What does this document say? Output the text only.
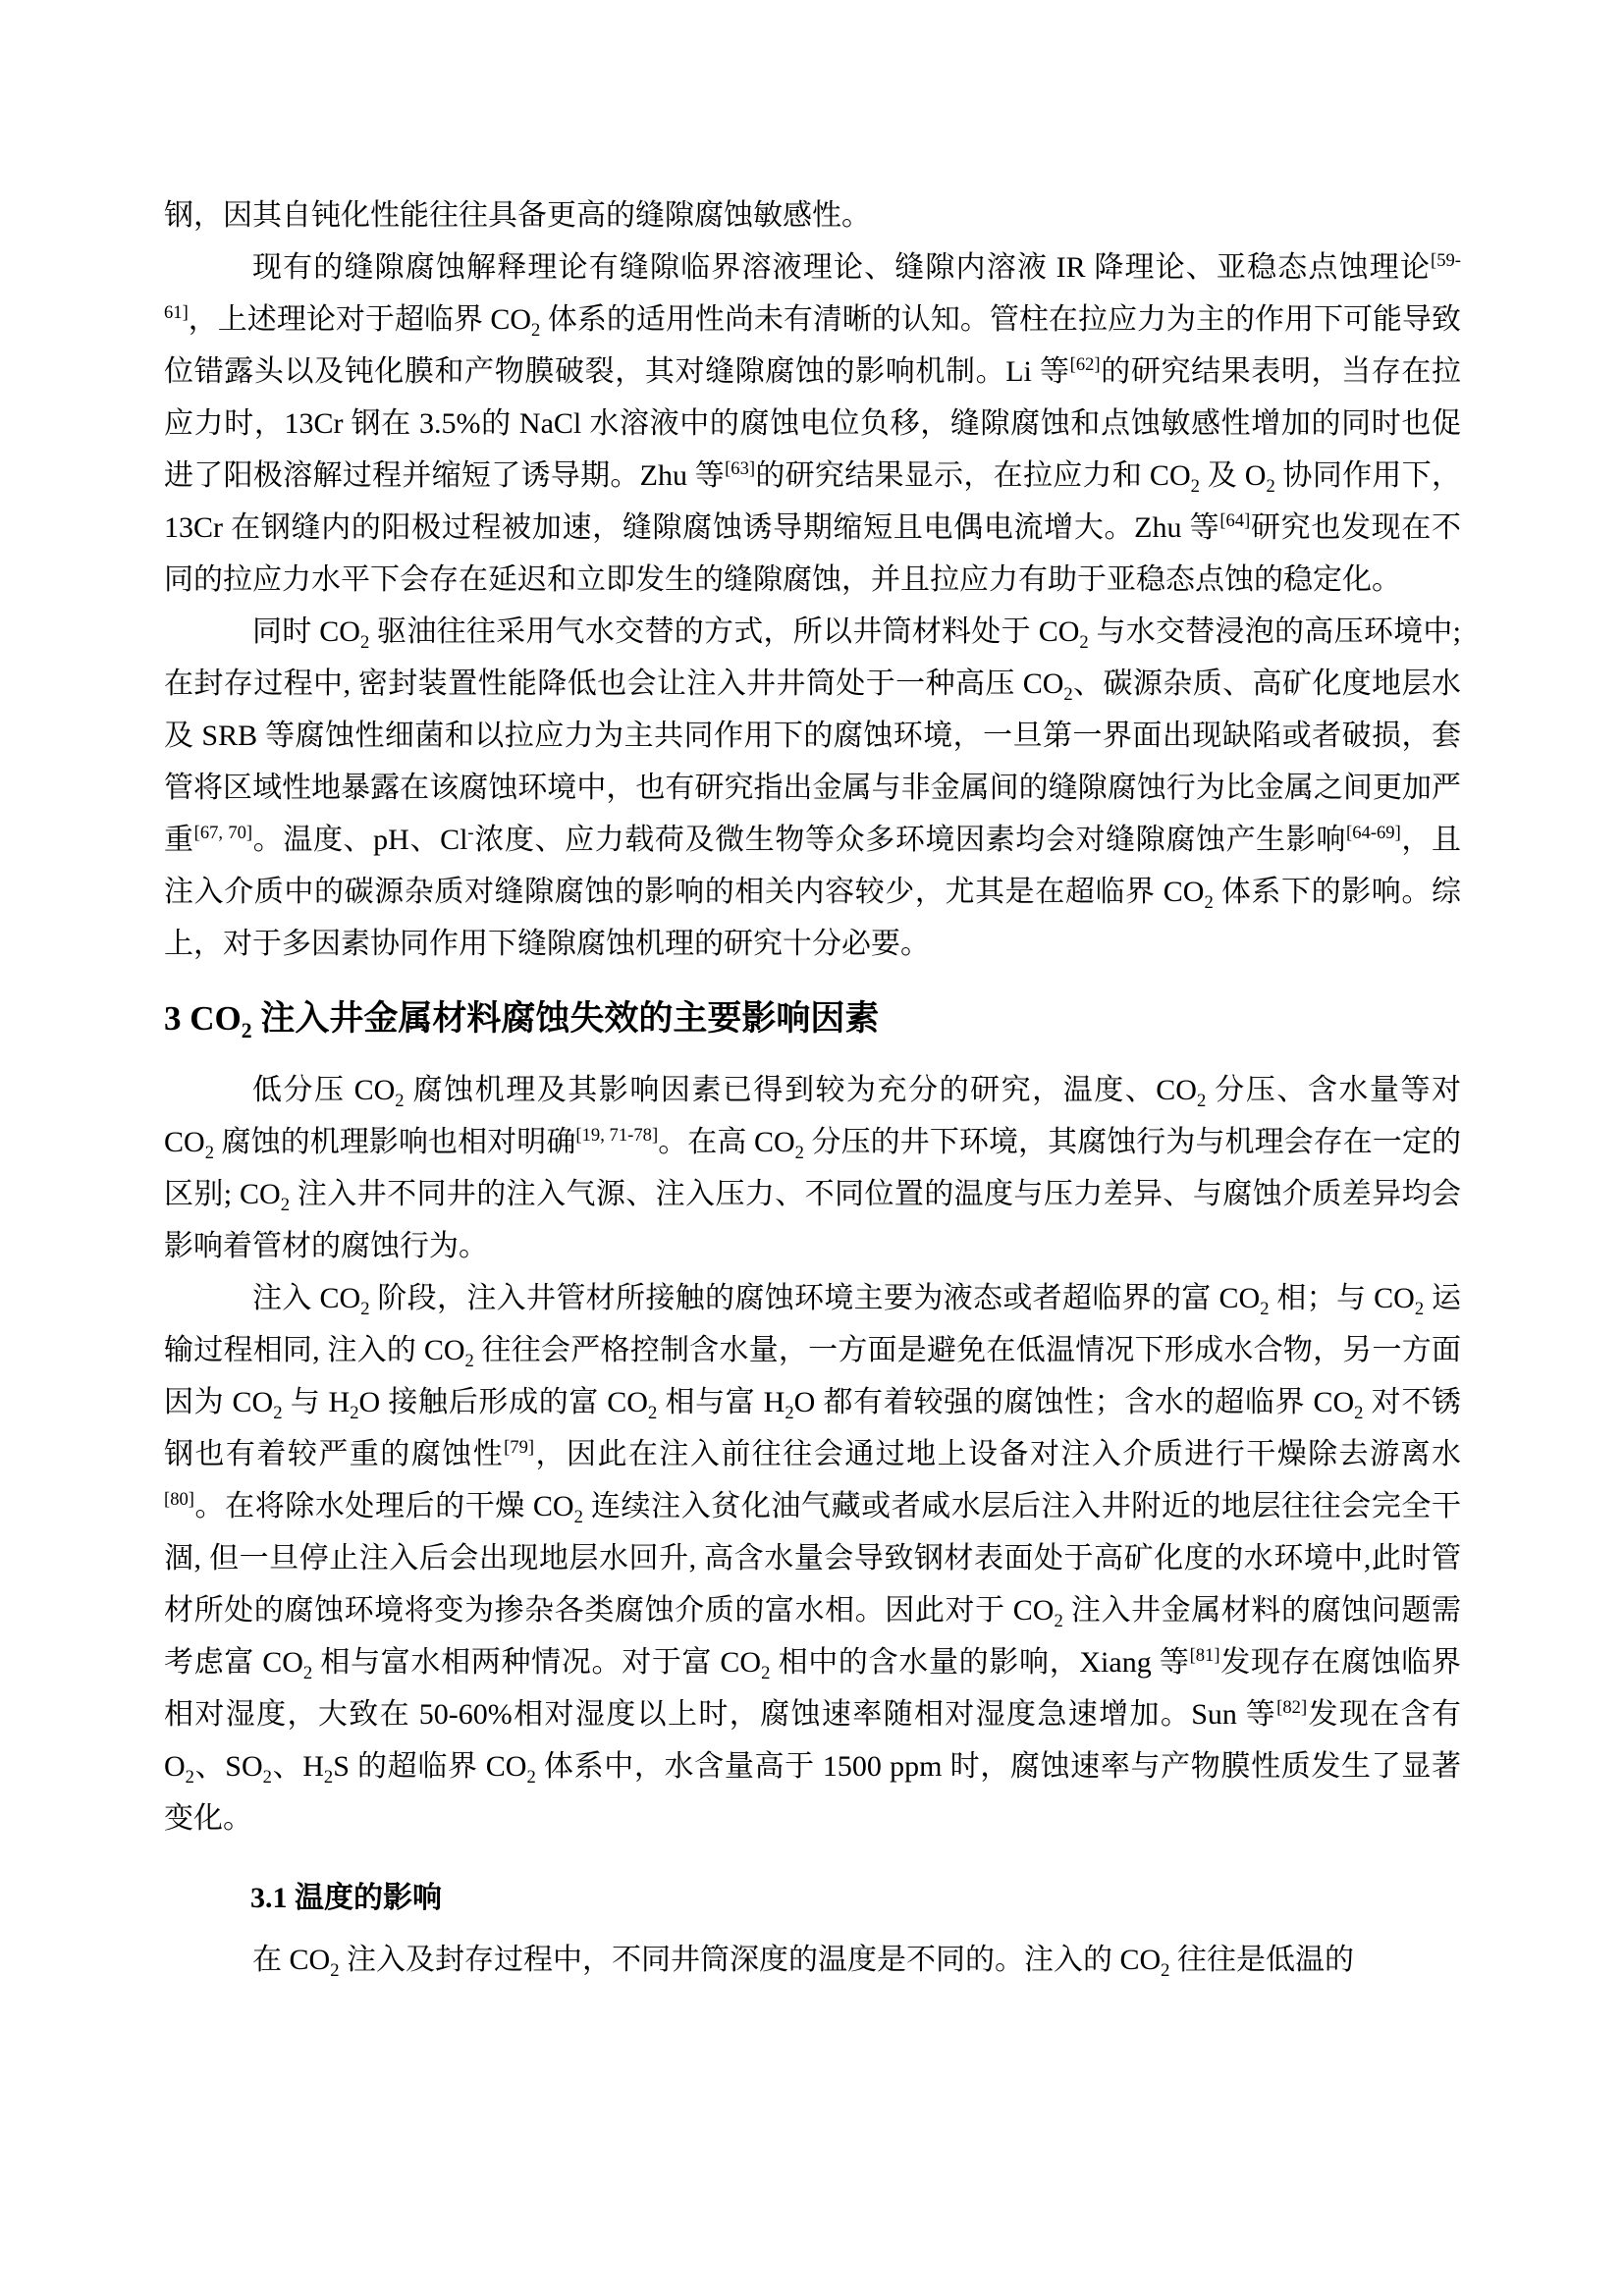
钢，因其自钝化性能往往具备更高的缝隙腐蚀敏感性。

现有的缝隙腐蚀解释理论有缝隙临界溶液理论、缝隙内溶液 IR 降理论、亚稳态点蚀理论[59-61]，上述理论对于超临界 $CO_2$ 体系的适用性尚未有清晰的认知。管柱在拉应力为主的作用下可能导致位错露头以及钝化膜和产物膜破裂，其对缝隙腐蚀的影响机制。Li 等[62]的研究结果表明，当存在拉应力时，13Cr 钢在 3.5%的 NaCl 水溶液中的腐蚀电位负移，缝隙腐蚀和点蚀敏感性增加的同时也促进了阳极溶解过程并缩短了诱导期。Zhu 等[63]的研究结果显示，在拉应力和 $CO_2$ 及 $O_2$ 协同作用下，13Cr 在钢缝内的阳极过程被加速，缝隙腐蚀诱导期缩短且电偶电流增大。Zhu 等[64]研究也发现在不同的拉应力水平下会存在延迟和立即发生的缝隙腐蚀，并且拉应力有助于亚稳态点蚀的稳定化。

同时 $CO_2$ 驱油往往采用气水交替的方式，所以井筒材料处于 $CO_2$ 与水交替浸泡的高压环境中; 在封存过程中, 密封装置性能降低也会让注入井井筒处于一种高压 $CO_2$、碳源杂质、高矿化度地层水及 SRB 等腐蚀性细菌和以拉应力为主共同作用下的腐蚀环境，一旦第一界面出现缺陷或者破损，套管将区域性地暴露在该腐蚀环境中，也有研究指出金属与非金属间的缝隙腐蚀行为比金属之间更加严重[67, 70]。温度、pH、Cl-浓度、应力载荷及微生物等众多环境因素均会对缝隙腐蚀产生影响[64-69]，且注入介质中的碳源杂质对缝隙腐蚀的影响的相关内容较少，尤其是在超临界 $CO_2$ 体系下的影响。综上，对于多因素协同作用下缝隙腐蚀机理的研究十分必要。

3 $CO_2$ 注入井金属材料腐蚀失效的主要影响因素

低分压 $CO_2$ 腐蚀机理及其影响因素已得到较为充分的研究，温度、$CO_2$ 分压、含水量等对 $CO_2$ 腐蚀的机理影响也相对明确[19, 71-78]。在高 $CO_2$ 分压的井下环境，其腐蚀行为与机理会存在一定的区别; $CO_2$ 注入井不同井的注入气源、注入压力、不同位置的温度与压力差异、与腐蚀介质差异均会影响着管材的腐蚀行为。

注入 $CO_2$ 阶段，注入井管材所接触的腐蚀环境主要为液态或者超临界的富 $CO_2$ 相；与 $CO_2$ 运输过程相同, 注入的 $CO_2$ 往往会严格控制含水量，一方面是避免在低温情况下形成水合物，另一方面因为 $CO_2$ 与 $H_2O$ 接触后形成的富 $CO_2$ 相与富 $H_2O$ 都有着较强的腐蚀性；含水的超临界 $CO_2$ 对不锈钢也有着较严重的腐蚀性[79]，因此在注入前往往会通过地上设备对注入介质进行干燥除去游离水[80]。在将除水处理后的干燥 $CO_2$ 连续注入贫化油气藏或者咸水层后注入井附近的地层往往会完全干涸, 但一旦停止注入后会出现地层水回升, 高含水量会导致钢材表面处于高矿化度的水环境中,此时管材所处的腐蚀环境将变为掺杂各类腐蚀介质的富水相。因此对于 $CO_2$ 注入井金属材料的腐蚀问题需考虑富 $CO_2$ 相与富水相两种情况。对于富 $CO_2$ 相中的含水量的影响，Xiang 等[81]发现存在腐蚀临界相对湿度，大致在 50-60%相对湿度以上时，腐蚀速率随相对湿度急速增加。Sun 等[82]发现在含有 $O_2$、$SO_2$、$H_2S$ 的超临界 $CO_2$ 体系中，水含量高于 1500 ppm 时，腐蚀速率与产物膜性质发生了显著变化。

3.1 温度的影响

在 $CO_2$ 注入及封存过程中，不同井筒深度的温度是不同的。注入的 $CO_2$ 往往是低温的
